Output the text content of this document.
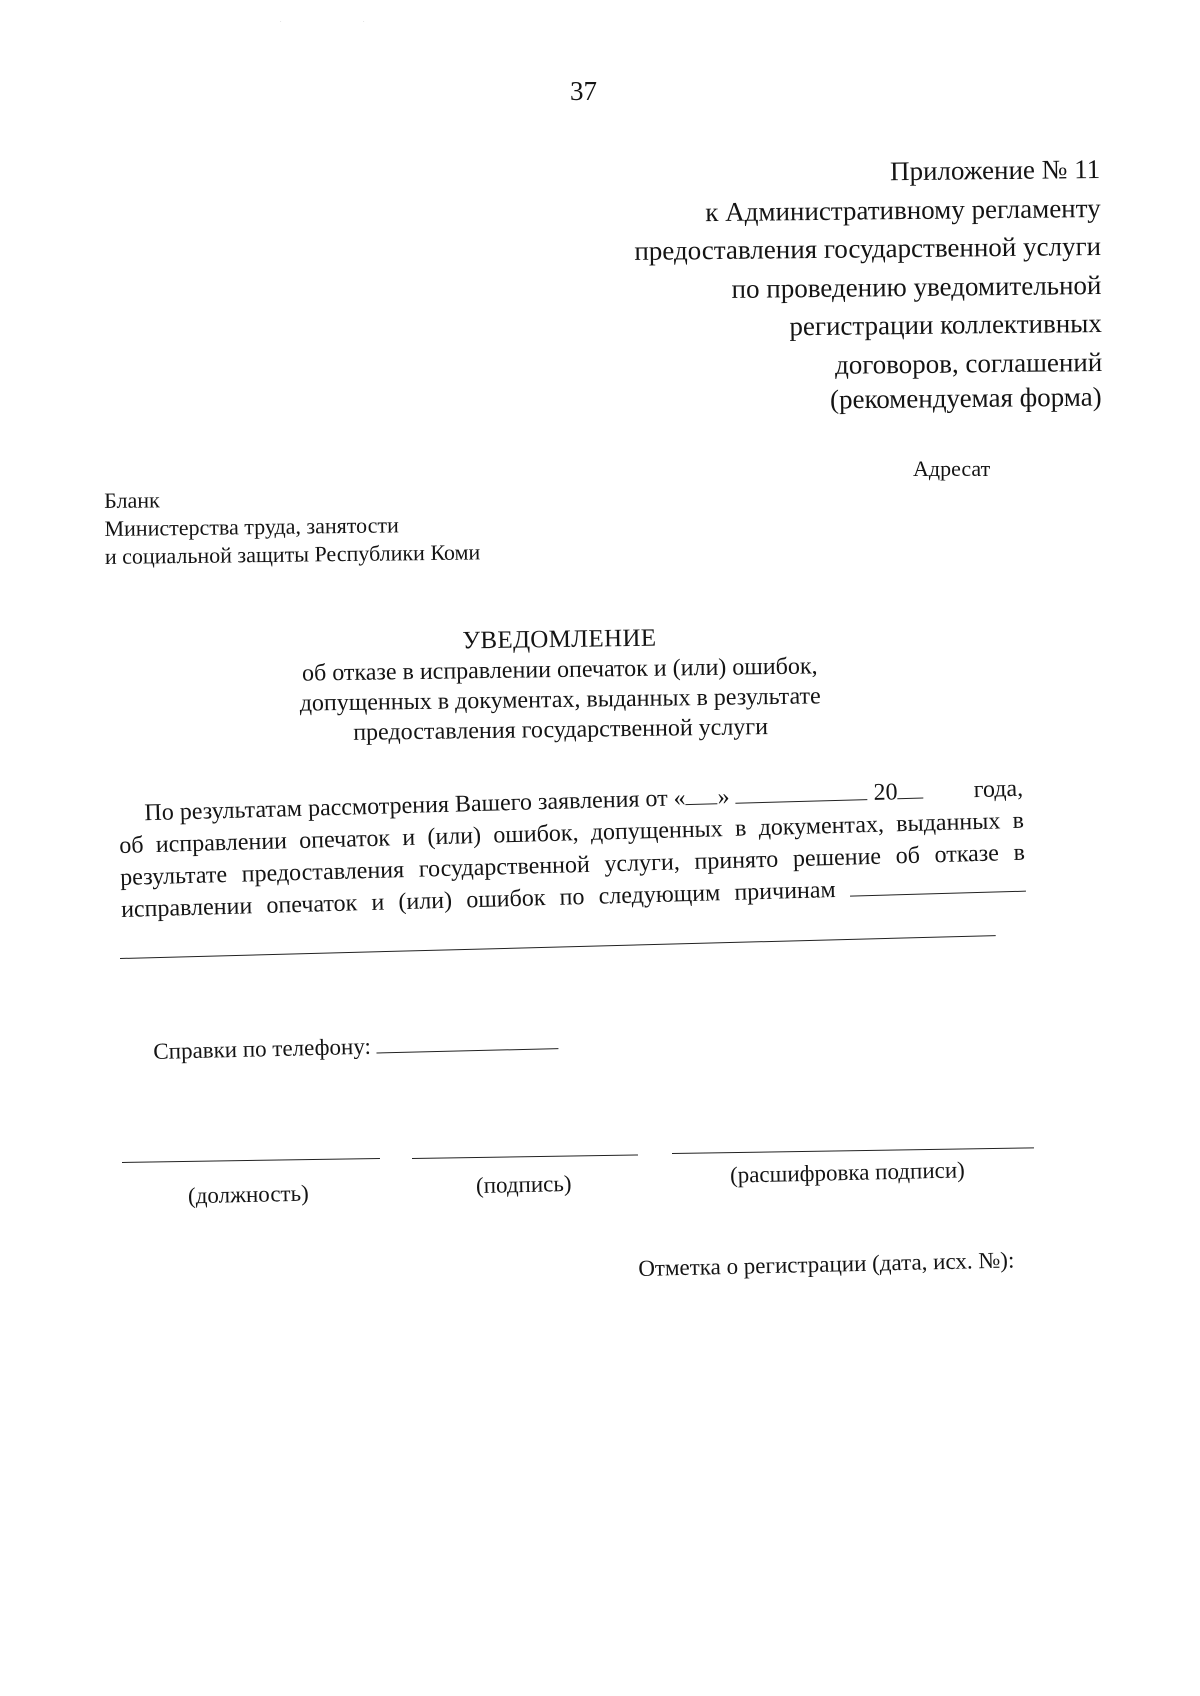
. .
37
Приложение № 11
к Административному регламенту
предоставления государственной услуги
по проведению уведомительной
регистрации коллективных
договоров, соглашений
(рекомендуемая форма)
Адресат
Бланк
Министерства труда, занятости
и социальной защиты Республики Коми
УВЕДОМЛЕНИЕ
об отказе в исправлении опечаток и (или) ошибок,
допущенных в документах, выданных в результате
предоставления государственной услуги
По результатам рассмотрения Вашего заявления от « »	20	года,
об исправлении опечаток и (или) ошибок, допущенных в документах, выданных в
результате предоставления государственной услуги, принято решение об отказе в
исправлении опечаток и (или) ошибок по следующим причинам
Справки по телефону:
(должность)	(подпись)	(расшифровка подписи)
Отметка о регистрации (дата, исх. №):
